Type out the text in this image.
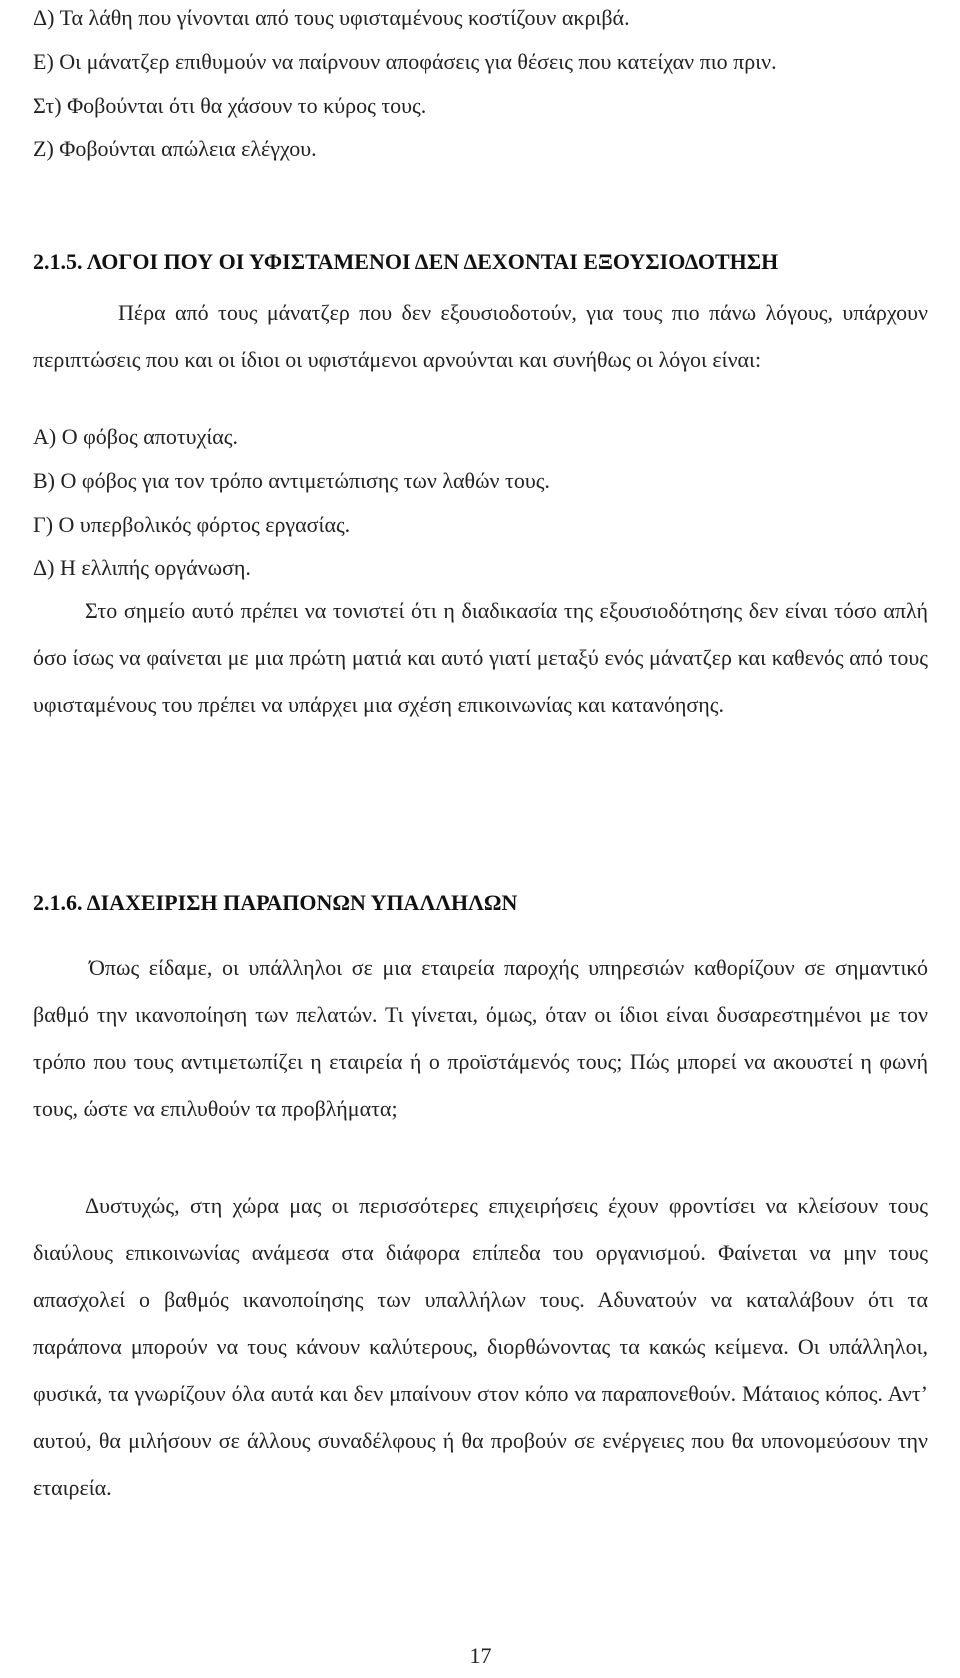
Δ) Τα λάθη που γίνονται από τους υφισταμένους κοστίζουν ακριβά.
Ε) Οι μάνατζερ επιθυμούν να παίρνουν αποφάσεις για θέσεις που κατείχαν πιο πριν.
Στ) Φοβούνται ότι θα χάσουν το κύρος τους.
Ζ) Φοβούνται απώλεια ελέγχου.
2.1.5. ΛΟΓΟΙ ΠΟΥ ΟΙ ΥΦΙΣΤΑΜΕΝΟΙ ΔΕΝ ΔΕΧΟΝΤΑΙ ΕΞΟΥΣΙΟΔΟΤΗΣΗ

Πέρα από τους μάνατζερ που δεν εξουσιοδοτούν, για τους πιο πάνω λόγους, υπάρχουν περιπτώσεις που και οι ίδιοι οι υφιστάμενοι αρνούνται και συνήθως οι λόγοι είναι:

Α) Ο φόβος αποτυχίας.
Β) Ο φόβος για τον τρόπο αντιμετώπισης των λαθών τους.
Γ) Ο υπερβολικός φόρτος εργασίας.
Δ) Η ελλιπής οργάνωση.

Στο σημείο αυτό πρέπει να τονιστεί ότι η διαδικασία της εξουσιοδότησης δεν είναι τόσο απλή όσο ίσως να φαίνεται με μια πρώτη ματιά και αυτό γιατί μεταξύ ενός μάνατζερ και καθενός από τους υφισταμένους του πρέπει να υπάρχει μια σχέση επικοινωνίας και κατανόησης.

2.1.6. ΔΙΑΧΕΙΡΙΣΗ ΠΑΡΑΠΟΝΩΝ ΥΠΑΛΛΗΛΩΝ

Όπως είδαμε, οι υπάλληλοι σε μια εταιρεία παροχής υπηρεσιών καθορίζουν σε σημαντικό βαθμό την ικανοποίηση των πελατών. Τι γίνεται, όμως, όταν οι ίδιοι είναι δυσαρεστημένοι με τον τρόπο που τους αντιμετωπίζει η εταιρεία ή ο προϊστάμενός τους; Πώς μπορεί να ακουστεί η φωνή τους, ώστε να επιλυθούν τα προβλήματα;

Δυστυχώς, στη χώρα μας οι περισσότερες επιχειρήσεις έχουν φροντίσει να κλείσουν τους διαύλους επικοινωνίας ανάμεσα στα διάφορα επίπεδα του οργανισμού. Φαίνεται να μην τους απασχολεί ο βαθμός ικανοποίησης των υπαλλήλων τους. Αδυνατούν να καταλάβουν ότι τα παράπονα μπορούν να τους κάνουν καλύτερους, διορθώνοντας τα κακώς κείμενα. Οι υπάλληλοι, φυσικά, τα γνωρίζουν όλα αυτά και δεν μπαίνουν στον κόπο να παραπονεθούν. Μάταιος κόπος. Αντ’ αυτού, θα μιλήσουν σε άλλους συναδέλφους ή θα προβούν σε ενέργειες που θα υπονομεύσουν την εταιρεία.

17
